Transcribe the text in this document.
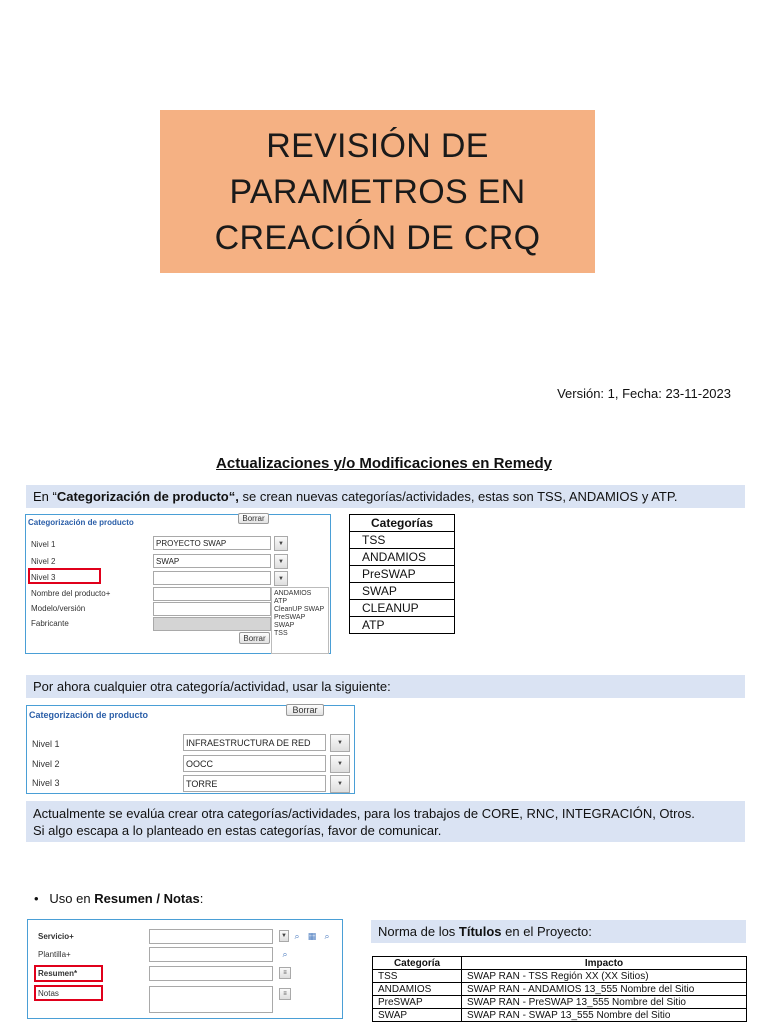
REVISIÓN DE
PARAMETROS EN
CREACIÓN DE CRQ
Versión: 1, Fecha: 23-11-2023
Actualizaciones y/o Modificaciones en Remedy
En “Categorización de producto“, se crean nuevas categorías/actividades, estas son TSS, ANDAMIOS y ATP.
Categorización de producto	Borrar
Nivel 1	PROYECTO SWAP	▼
Nivel 2	SWAP	▼
Nivel 3	▼
Nombre del producto+
Modelo/versión
Fabricante
Borrar
ANDAMIOS
ATP
CleanUP SWAP
PreSWAP
SWAP
TSS
Categorías
TSS
ANDAMIOS
PreSWAP
SWAP
CLEANUP
ATP
Por ahora cualquier otra categoría/actividad, usar la siguiente:
Categorización de producto	Borrar
Nivel 1	INFRAESTRUCTURA DE RED	▼
Nivel 2	OOCC	▼
Nivel 3	TORRE	▼
Actualmente se evalúa crear otra categorías/actividades, para los trabajos de CORE, RNC, INTEGRACIÓN, Otros.
Si algo escapa a lo planteado en estas categorías, favor de comunicar.
• Uso en Resumen / Notas:
Servicio+	▼ ⌕ ▦ ⌕
Plantilla+	⌕
Resumen*	≡
Notas	≡
Norma de los Títulos en el Proyecto:
Categoría	Impacto
TSS	SWAP RAN - TSS Región XX (XX Sitios)
ANDAMIOS	SWAP RAN - ANDAMIOS 13_555 Nombre del Sitio
PreSWAP	SWAP RAN - PreSWAP 13_555 Nombre del Sitio
SWAP	SWAP RAN - SWAP 13_555 Nombre del Sitio
